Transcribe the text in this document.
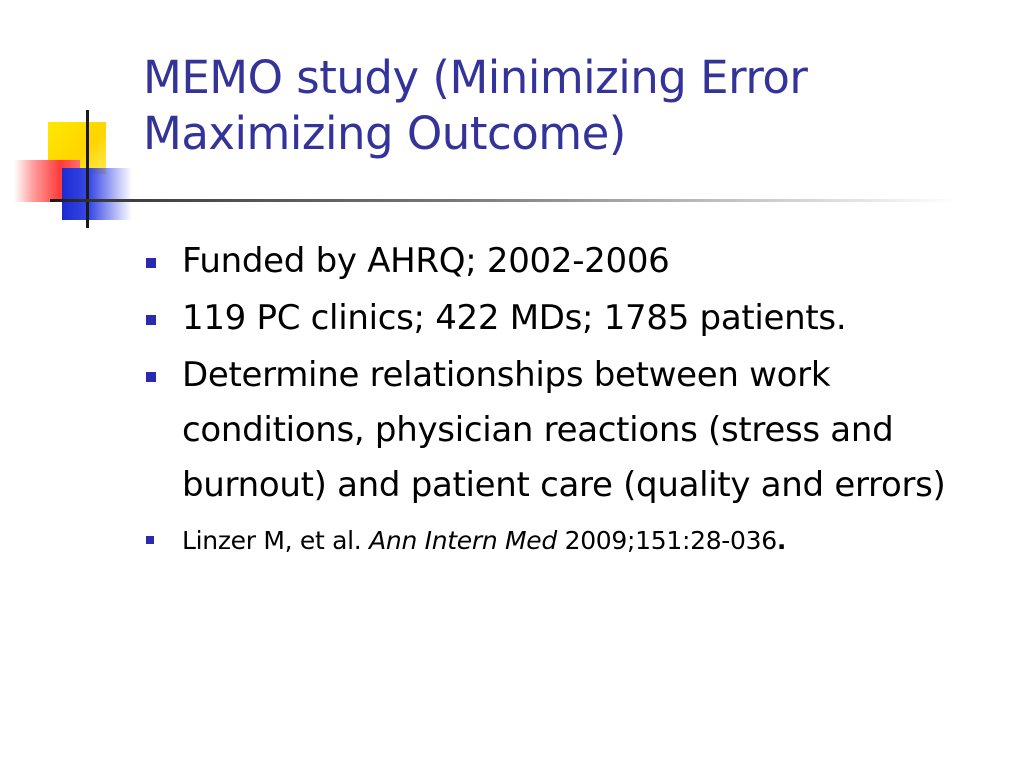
MEMO study (Minimizing Error
Maximizing Outcome)
Funded by AHRQ; 2002-2006
119 PC clinics; 422 MDs; 1785 patients.
Determine relationships between work conditions, physician reactions (stress and burnout) and patient care (quality and errors)
Linzer M, et al. Ann Intern Med 2009;151:28-036.
